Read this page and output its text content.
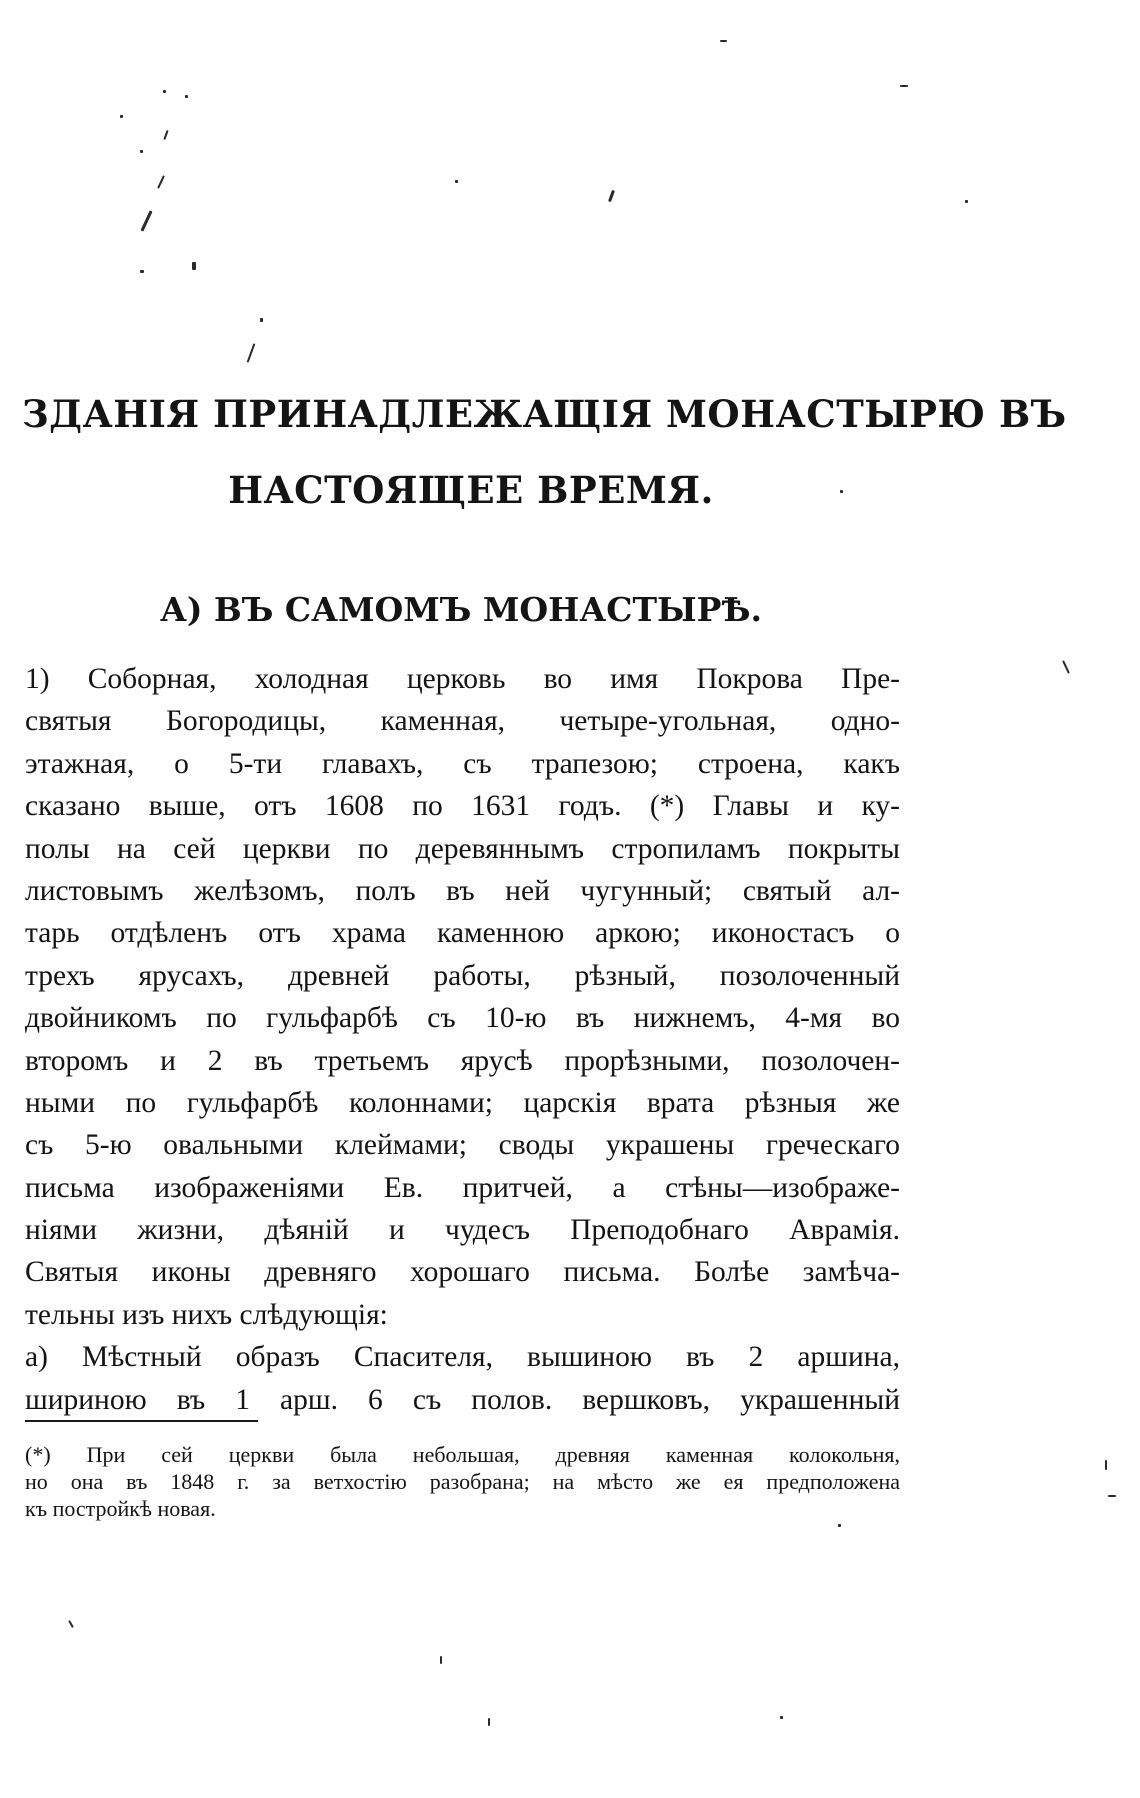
ЗДАНІЯ ПРИНАДЛЕЖАЩІЯ МОНАСТЫРЮ ВЪ
НАСТОЯЩЕЕ ВРЕМЯ.
А) ВЪ САМОМЪ МОНАСТЫРѢ.
1) Соборная, холодная церковь во имя Покрова Пре-
святыя Богородицы, каменная, четыре-угольная, одно-
этажная, о 5-ти главахъ, съ трапезою; строена, какъ
сказано выше, отъ 1608 по 1631 годъ. (*) Главы и ку-
полы на сей церкви по деревяннымъ стропиламъ покрыты
листовымъ желѣзомъ, полъ въ ней чугунный; святый ал-
тарь отдѣленъ отъ храма каменною аркою; иконостасъ о
трехъ ярусахъ, древней работы, рѣзный, позолоченный
двойникомъ по гульфарбѣ съ 10-ю въ нижнемъ, 4-мя во
второмъ и 2 въ третьемъ ярусѣ прорѣзными, позолочен-
ными по гульфарбѣ колоннами; царскія врата рѣзныя же
съ 5-ю овальными клеймами; своды украшены греческаго
письма изображеніями Ев. притчей, а стѣны—изображе-
ніями жизни, дѣяній и чудесъ Преподобнаго Аврамія.
Святыя иконы древняго хорошаго письма. Болѣе замѣча-
тельны изъ нихъ слѣдующія:
а) Мѣстный образъ Спасителя, вышиною въ 2 аршина,
шириною въ 1 арш. 6 съ полов. вершковъ, украшенный
(*) При сей церкви была небольшая, древняя каменная колокольня,
но она въ 1848 г. за ветхостію разобрана; на мѣсто же ея предположена
къ постройкѣ новая.
